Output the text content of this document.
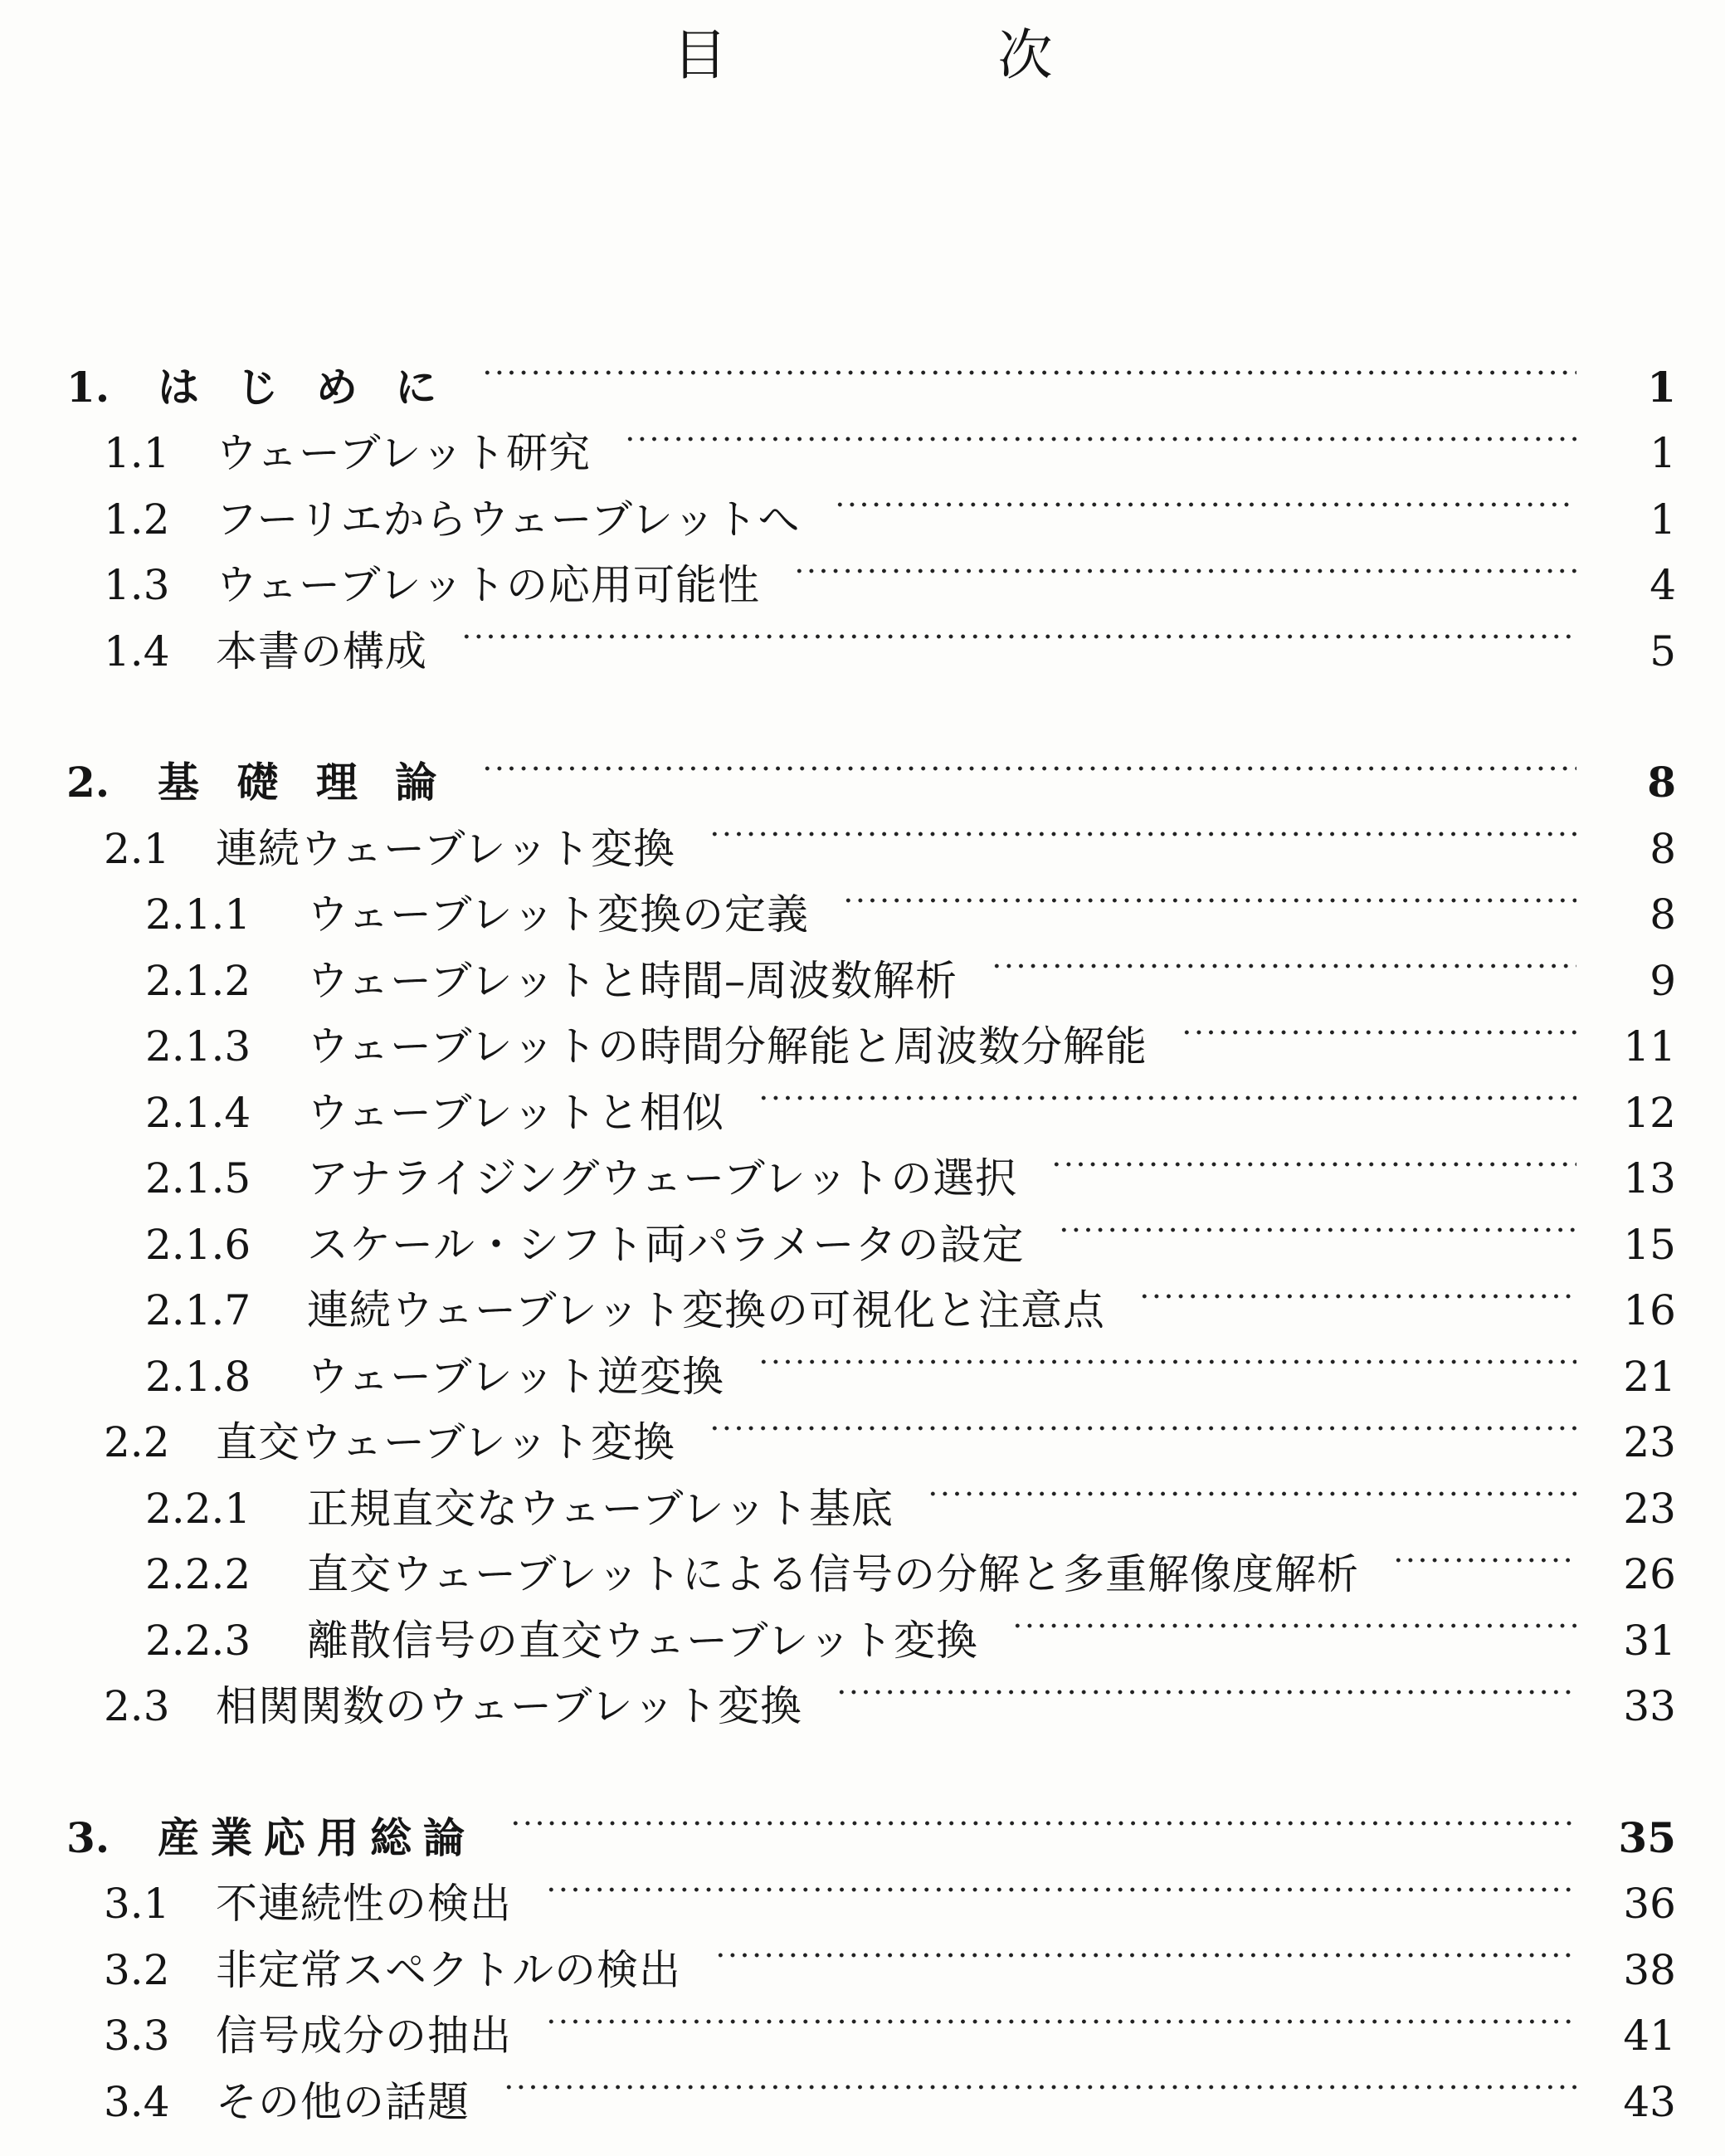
目　次
1.	は じ め に	1
1.1	ウェーブレット研究	1
1.2	フーリエからウェーブレットへ	1
1.3	ウェーブレットの応用可能性	4
1.4	本書の構成	5
2.	基 礎 理 論	8
2.1	連続ウェーブレット変換	8
2.1.1	ウェーブレット変換の定義	8
2.1.2	ウェーブレットと時間–周波数解析	9
2.1.3	ウェーブレットの時間分解能と周波数分解能	11
2.1.4	ウェーブレットと相似	12
2.1.5	アナライジングウェーブレットの選択	13
2.1.6	スケール・シフト両パラメータの設定	15
2.1.7	連続ウェーブレット変換の可視化と注意点	16
2.1.8	ウェーブレット逆変換	21
2.2	直交ウェーブレット変換	23
2.2.1	正規直交なウェーブレット基底	23
2.2.2	直交ウェーブレットによる信号の分解と多重解像度解析	26
2.2.3	離散信号の直交ウェーブレット変換	31
2.3	相関関数のウェーブレット変換	33
3.	産業応用総論	35
3.1	不連続性の検出	36
3.2	非定常スペクトルの検出	38
3.3	信号成分の抽出	41
3.4	その他の話題	43
